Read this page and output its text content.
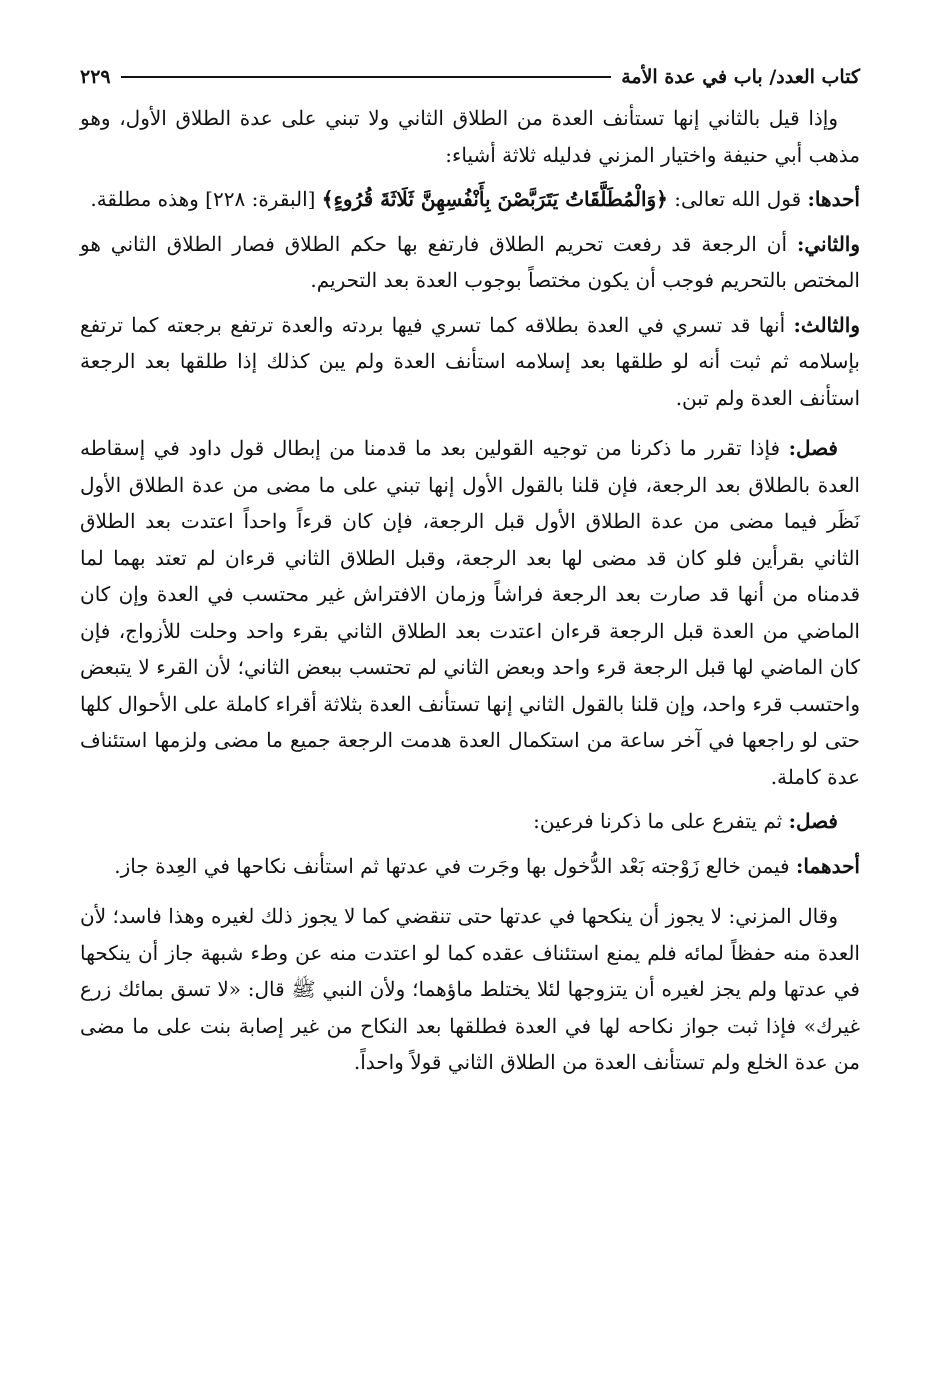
كتاب العدد/ باب في عدة الأمة
٢٢٩

وإذا قيل بالثاني إنها تستأنف العدة من الطلاق الثاني ولا تبني على عدة الطلاق الأول، وهو مذهب أبي حنيفة واختيار المزني فدليله ثلاثة أشياء:

أحدها: قول الله تعالى: ﴿وَالْمُطَلَّقَاتُ يَتَرَبَّصْنَ بِأَنْفُسِهِنَّ ثَلَاثَةَ قُرُوءٍ﴾ [البقرة: ٢٢٨] وهذه مطلقة.

والثاني: أن الرجعة قد رفعت تحريم الطلاق فارتفع بها حكم الطلاق فصار الطلاق الثاني هو المختص بالتحريم فوجب أن يكون مختصاً بوجوب العدة بعد التحريم.

والثالث: أنها قد تسري في العدة بطلاقه كما تسري فيها بردته والعدة ترتفع برجعته كما ترتفع بإسلامه ثم ثبت أنه لو طلقها بعد إسلامه استأنف العدة ولم يبن كذلك إذا طلقها بعد الرجعة استأنف العدة ولم تبن.

فصل: فإذا تقرر ما ذكرنا من توجيه القولين بعد ما قدمنا من إبطال قول داود في إسقاطه العدة بالطلاق بعد الرجعة، فإن قلنا بالقول الأول إنها تبني على ما مضى من عدة الطلاق الأول نَظَر فيما مضى من عدة الطلاق الأول قبل الرجعة، فإن كان قرءاً واحداً اعتدت بعد الطلاق الثاني بقرأين فلو كان قد مضى لها بعد الرجعة، وقبل الطلاق الثاني قرءان لم تعتد بهما لما قدمناه من أنها قد صارت بعد الرجعة فراشاً وزمان الافتراش غير محتسب في العدة وإن كان الماضي من العدة قبل الرجعة قرءان اعتدت بعد الطلاق الثاني بقرء واحد وحلت للأزواج، فإن كان الماضي لها قبل الرجعة قرء واحد وبعض الثاني لم تحتسب ببعض الثاني؛ لأن القرء لا يتبعض واحتسب قرء واحد، وإن قلنا بالقول الثاني إنها تستأنف العدة بثلاثة أقراء كاملة على الأحوال كلها حتى لو راجعها في آخر ساعة من استكمال العدة هدمت الرجعة جميع ما مضى ولزمها استئناف عدة كاملة.

فصل: ثم يتفرع على ما ذكرنا فرعين:

أحدهما: فيمن خالع زَوْجته بَعْد الدُّخول بها وجَرت في عدتها ثم استأنف نكاحها في العِدة جاز.

وقال المزني: لا يجوز أن ينكحها في عدتها حتى تنقضي كما لا يجوز ذلك لغيره وهذا فاسد؛ لأن العدة منه حفظاً لمائه فلم يمنع استئناف عقده كما لو اعتدت منه عن وطء شبهة جاز أن ينكحها في عدتها ولم يجز لغيره أن يتزوجها لئلا يختلط ماؤهما؛ ولأن النبي ﷺ قال: «لا تسق بمائك زرع غيرك» فإذا ثبت جواز نكاحه لها في العدة فطلقها بعد النكاح من غير إصابة بنت على ما مضى من عدة الخلع ولم تستأنف العدة من الطلاق الثاني قولاً واحداً.
